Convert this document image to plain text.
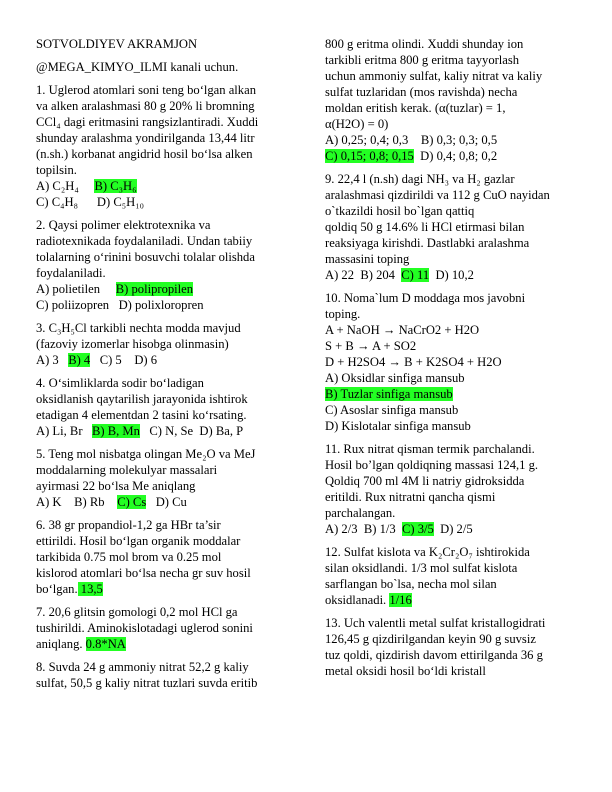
SOTVOLDIYEV AKRAMJON
@MEGA_KIMYO_ILMI kanali uchun.
1. Uglerod atomlari soni teng bo‘lgan alkan
va alken aralashmasi 80 g 20% li bromning
CCl₄ dagi eritmasini rangsizlantiradi. Xuddi
shunday aralashma yondirilganda 13,44 litr
(n.sh.) korbanat angidrid hosil bo‘lsa alken
topilsin.
A) C₂H₄ B) C₃H₆
C) C₄H₈ D) C₅H₁₀
2. Qaysi polimer elektrotexnika va
radiotexnikada foydalaniladi. Undan tabiiy
tolalarning o‘rinini bosuvchi tolalar olishda
foydalaniladi.
A) polietilen B) polipropilen
C) poliizopren D) polixloropren
3. C₃H₅Cl tarkibli nechta modda mavjud
(fazoviy izomerlar hisobga olinmasin)
A) 3 B) 4 C) 5 D) 6
4. O‘simliklarda sodir bo‘ladigan
oksidlanish qaytarilish jarayonida ishtirok
etadigan 4 elementdan 2 tasini ko‘rsating.
A) Li, Br B) B, Mn C) N, Se D) Ba, P
5. Teng mol nisbatga olingan Me₂O va MeJ
moddalarning molekulyar massalari
ayirmasi 22 bo‘lsa Me aniqlang
A) K B) Rb C) Cs D) Cu
6. 38 gr propandiol-1,2 ga HBr ta’sir
ettirildi. Hosil bo‘lgan organik moddalar
tarkibida 0.75 mol brom va 0.25 mol
kislorod atomlari bo‘lsa necha gr suv hosil
bo‘lgan. 13,5
7. 20,6 glitsin gomologi 0,2 mol HCl ga
tushirildi. Aminokislotadagi uglerod sonini
aniqlang. 0.8*NA
8. Suvda 24 g ammoniy nitrat 52,2 g kaliy
sulfat, 50,5 g kaliy nitrat tuzlari suvda eritib
800 g eritma olindi. Xuddi shunday ion
tarkibli eritma 800 g eritma tayyorlash
uchun ammoniy sulfat, kaliy nitrat va kaliy
sulfat tuzlaridan (mos ravishda) necha
moldan eritish kerak. (α(tuzlar) = 1,
α(H2O) = 0)
A) 0,25; 0,4; 0,3 B) 0,3; 0,3; 0,5
C) 0,15; 0,8; 0,15 D) 0,4; 0,8; 0,2
9. 22,4 l (n.sh) dagi NH₃ va H₂ gazlar
aralashmasi qizdirildi va 112 g CuO nayidan
o`tkazildi hosil bo`lgan qattiq
qoldiq 50 g 14.6% li HCl etirmasi bilan
reaksiyaga kirishdi. Dastlabki aralashma
massasini toping
A) 22 B) 204 C) 11 D) 10,2
10. Noma`lum D moddaga mos javobni
toping.
A + NaOH → NaCrO2 + H2O
S + B → A + SO2
D + H2SO4 → B + K2SO4 + H2O
A) Oksidlar sinfiga mansub
B) Tuzlar sinfiga mansub
C) Asoslar sinfiga mansub
D) Kislotalar sinfiga mansub
11. Rux nitrat qisman termik parchalandi.
Hosil bo’lgan qoldiqning massasi 124,1 g.
Qoldiq 700 ml 4M li natriy gidroksidda
eritildi. Rux nitratni qancha qismi
parchalangan.
A) 2/3 B) 1/3 C) 3/5 D) 2/5
12. Sulfat kislota va K₂Cr₂O₇ ishtirokida
silan oksidlandi. 1/3 mol sulfat kislota
sarflangan bo`lsa, necha mol silan
oksidlanadi. 1/16
13. Uch valentli metal sulfat kristallogidrati
126,45 g qizdirilgandan keyin 90 g suvsiz
tuz qoldi, qizdirish davom ettirilganda 36 g
metal oksidi hosil bo‘ldi kristall
